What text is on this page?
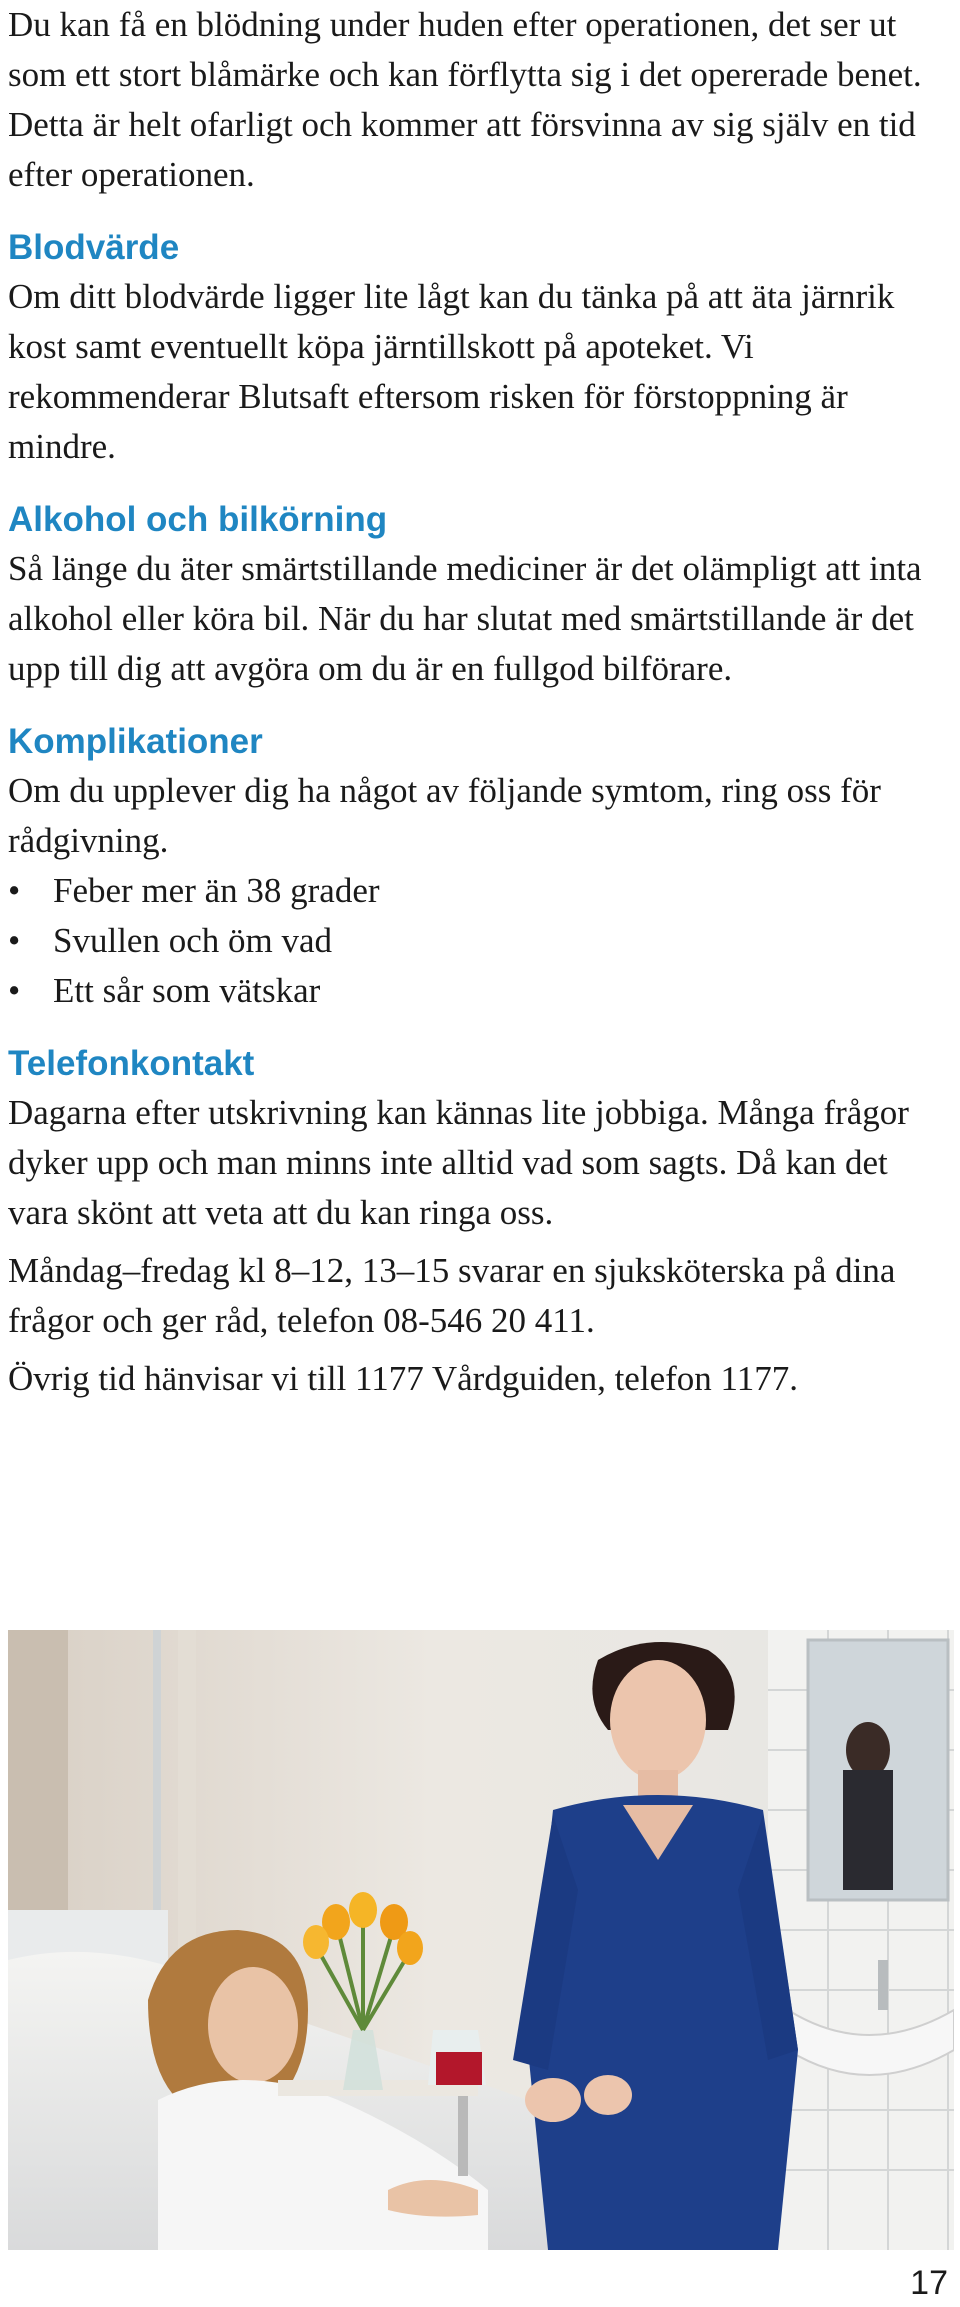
Du kan få en blödning under huden efter operationen, det ser ut som ett stort blåmärke och kan förflytta sig i det opererade benet. Detta är helt ofarligt och kommer att försvinna av sig själv en tid efter operationen.

Blodvärde

Om ditt blodvärde ligger lite lågt kan du tänka på att äta järnrik kost samt eventuellt köpa järntillskott på apoteket. Vi rekommenderar Blutsaft eftersom risken för förstoppning är mindre.

Alkohol och bilkörning

Så länge du äter smärtstillande mediciner är det olämpligt att inta alkohol eller köra bil. När du har slutat med smärtstillande är det upp till dig att avgöra om du är en fullgod bilförare.

Komplikationer

Om du upplever dig ha något av följande symtom, ring oss för rådgivning.

• Feber mer än 38 grader
• Svullen och öm vad
• Ett sår som vätskar
Telefonkontakt

Dagarna efter utskrivning kan kännas lite jobbiga. Många frågor dyker upp och man minns inte alltid vad som sagts. Då kan det vara skönt att veta att du kan ringa oss.

Måndag–fredag kl 8–12, 13–15 svarar en sjuksköterska på dina frågor och ger råd, telefon 08-546 20 411.

Övrig tid hänvisar vi till 1177 Vårdguiden, telefon 1177.

17
